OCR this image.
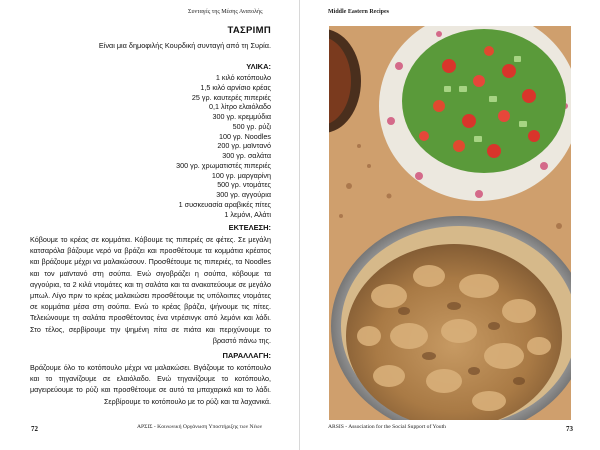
Συνταγές της Μέσης Ανατολής
ΤΑΣΡΙΜΠ
Είναι μια δημοφιλής Κουρδική συνταγή από τη Συρία.
ΥΛΙΚΑ:
1 κιλό κοτόπουλο
1,5 κιλό αρνίσιο κρέας
25 γρ. καυτερές πιπεριές
0,1 λίτρο ελαιόλαδο
300 γρ. κρεμμύδια
500 γρ. ρύζι
100 γρ. Noodles
200 γρ. μαϊντανό
300 γρ. σαλάτα
300 γρ. χρωματιστές πιπεριές
100 γρ. μαργαρίνη
500 γρ. ντομάτες
300 γρ. αγγούρια
1 συσκευασία αραβικές πίτες
1 λεμόνι, Αλάτι
ΕΚΤΕΛΕΣΗ:

Κόβουμε το κρέας σε κομμάτια. Κόβουμε τις πιπεριές σε φέτες. Σε μεγάλη κατσαρόλα βάζουμε νερό να βράζει και προσθέτουμε τα κομμάτια κρέατος και βράζουμε μέχρι να μαλακώσουν. Προσθέτουμε τις πιπεριές, τα Noodles και τον μαϊντανό στη σούπα. Ενώ σιγοβράζει η σούπα, κόβουμε τα αγγούρια, τα 2 κιλά ντομάτες και τη σαλάτα και τα ανακατεύουμε σε μεγάλο μπωλ. Λίγο πριν το κρέας μαλακώσει προσθέτουμε τις υπόλοιπες ντομάτες σε κομμάτια μέσα στη σούπα. Ενώ το κρέας βράζει, ψήνουμε τις πίτες. Τελειώνουμε τη σαλάτα προσθέτοντας ένα ντρέσινγκ από λεμόνι και λάδι. Στο τέλος, σερβίρουμε την ψημένη πίτα σε πιάτα και περιχύνουμε το βραστό πάνω της.

ΠΑΡΑΛΛΑΓΗ:

Βράζουμε όλο το κοτόπουλο μέχρι να μαλακώσει. Βγάζουμε το κοτόπουλο και το τηγανίζουμε σε ελαιόλαδο. Ενώ τηγανίζουμε το κοτόπουλο, μαγειρεύουμε το ρύζι και προσθέτουμε σε αυτό τα μπαχαρικά και το λάδι. Σερβίρουμε το κοτόπουλο με το ρύζι και τα λαχανικά.

72	ΑΡΣΙΣ - Κοινωνική Οργάνωση Υποστήριξης των Νέων
Middle Eastern Recipes
ARSIS - Association for the Social Support of Youth	73
